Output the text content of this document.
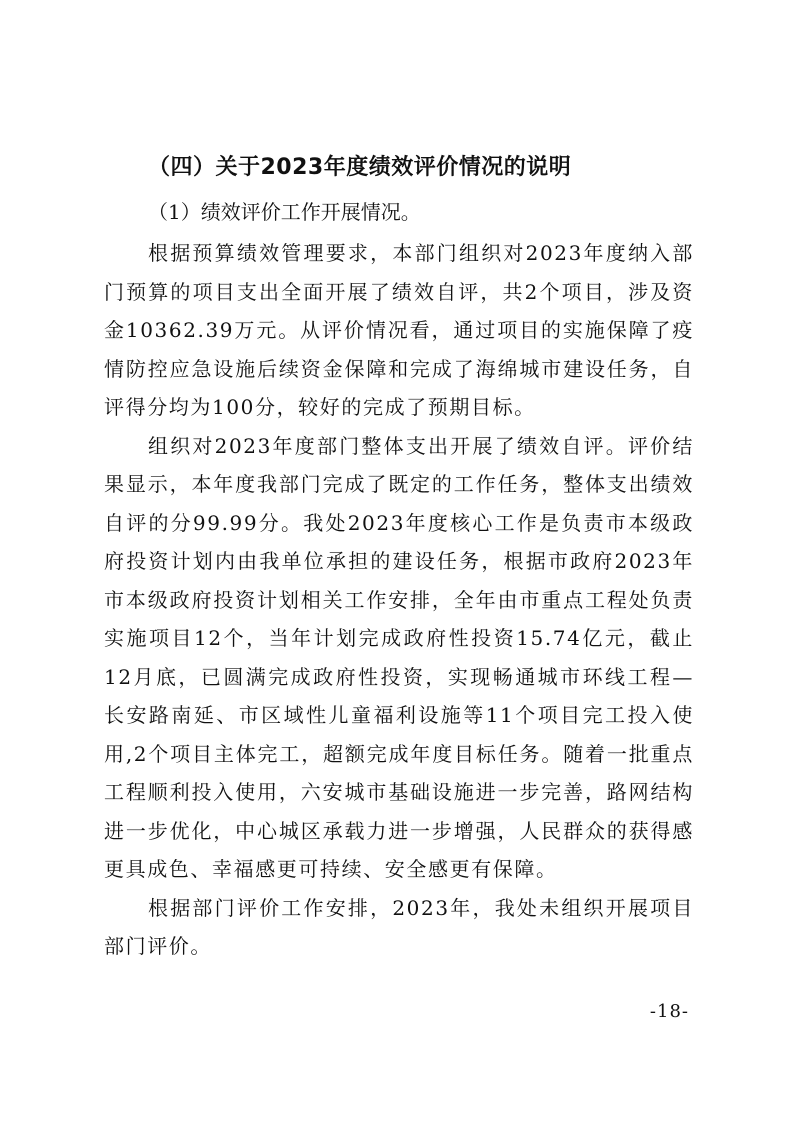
（四）关于2023年度绩效评价情况的说明

（1）绩效评价工作开展情况。

根据预算绩效管理要求，本部门组织对2023年度纳入部门预算的项目支出全面开展了绩效自评，共2个项目，涉及资金10362.39万元。从评价情况看，通过项目的实施保障了疫情防控应急设施后续资金保障和完成了海绵城市建设任务，自评得分均为100分，较好的完成了预期目标。

组织对2023年度部门整体支出开展了绩效自评。评价结果显示，本年度我部门完成了既定的工作任务，整体支出绩效自评的分99.99分。我处2023年度核心工作是负责市本级政府投资计划内由我单位承担的建设任务，根据市政府2023年市本级政府投资计划相关工作安排，全年由市重点工程处负责实施项目12个，当年计划完成政府性投资15.74亿元，截止12月底，已圆满完成政府性投资，实现畅通城市环线工程—长安路南延、市区域性儿童福利设施等11个项目完工投入使用,2个项目主体完工，超额完成年度目标任务。随着一批重点工程顺利投入使用，六安城市基础设施进一步完善，路网结构进一步优化，中心城区承载力进一步增强，人民群众的获得感更具成色、幸福感更可持续、安全感更有保障。

根据部门评价工作安排，2023年，我处未组织开展项目部门评价。

-18-
